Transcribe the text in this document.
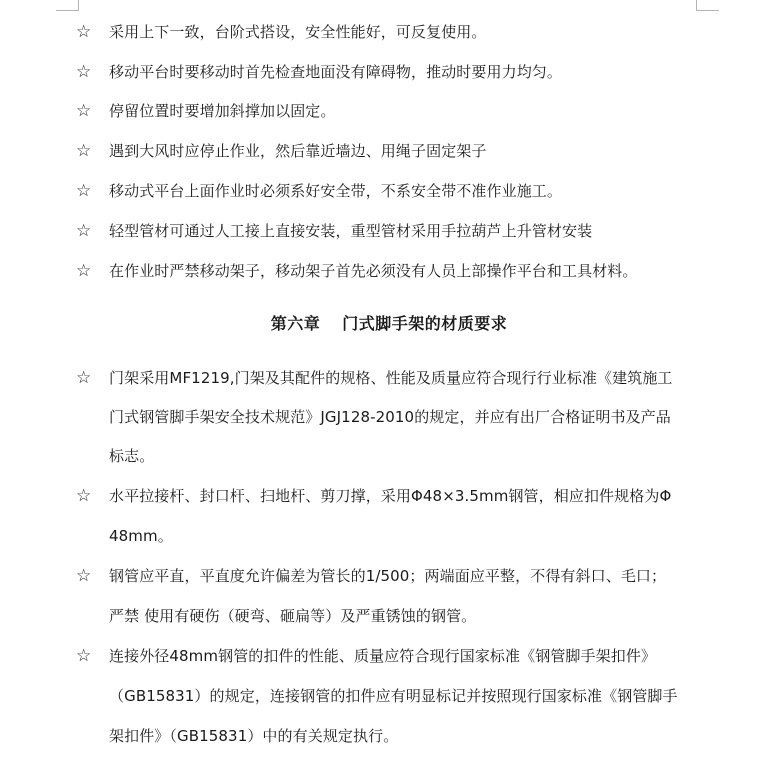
☆ 采用上下一致，台阶式搭设，安全性能好，可反复使用。
☆ 移动平台时要移动时首先检查地面没有障碍物，推动时要用力均匀。
☆ 停留位置时要增加斜撑加以固定。
☆ 遇到大风时应停止作业，然后靠近墙边、用绳子固定架子
☆ 移动式平台上面作业时必须系好安全带，不系安全带不准作业施工。
☆ 轻型管材可通过人工接上直接安装，重型管材采用手拉葫芦上升管材安装
☆ 在作业时严禁移动架子，移动架子首先必须没有人员上部操作平台和工具材料。
第六章 门式脚手架的材质要求
☆ 门架采用MF1219,门架及其配件的规格、性能及质量应符合现行行业标准《建筑施工
门式钢管脚手架安全技术规范》JGJ128-2010的规定，并应有出厂合格证明书及产品
标志。
☆ 水平拉接杆、封口杆、扫地杆、剪刀撑，采用Φ48×3.5mm钢管，相应扣件规格为Φ
48mm。
☆ 钢管应平直，平直度允许偏差为管长的1/500；两端面应平整，不得有斜口、毛口；
严禁 使用有硬伤（硬弯、砸扁等）及严重锈蚀的钢管。
☆ 连接外径48mm钢管的扣件的性能、质量应符合现行国家标准《钢管脚手架扣件》
（GB15831）的规定，连接钢管的扣件应有明显标记并按照现行国家标准《钢管脚手
架扣件》（GB15831）中的有关规定执行。
